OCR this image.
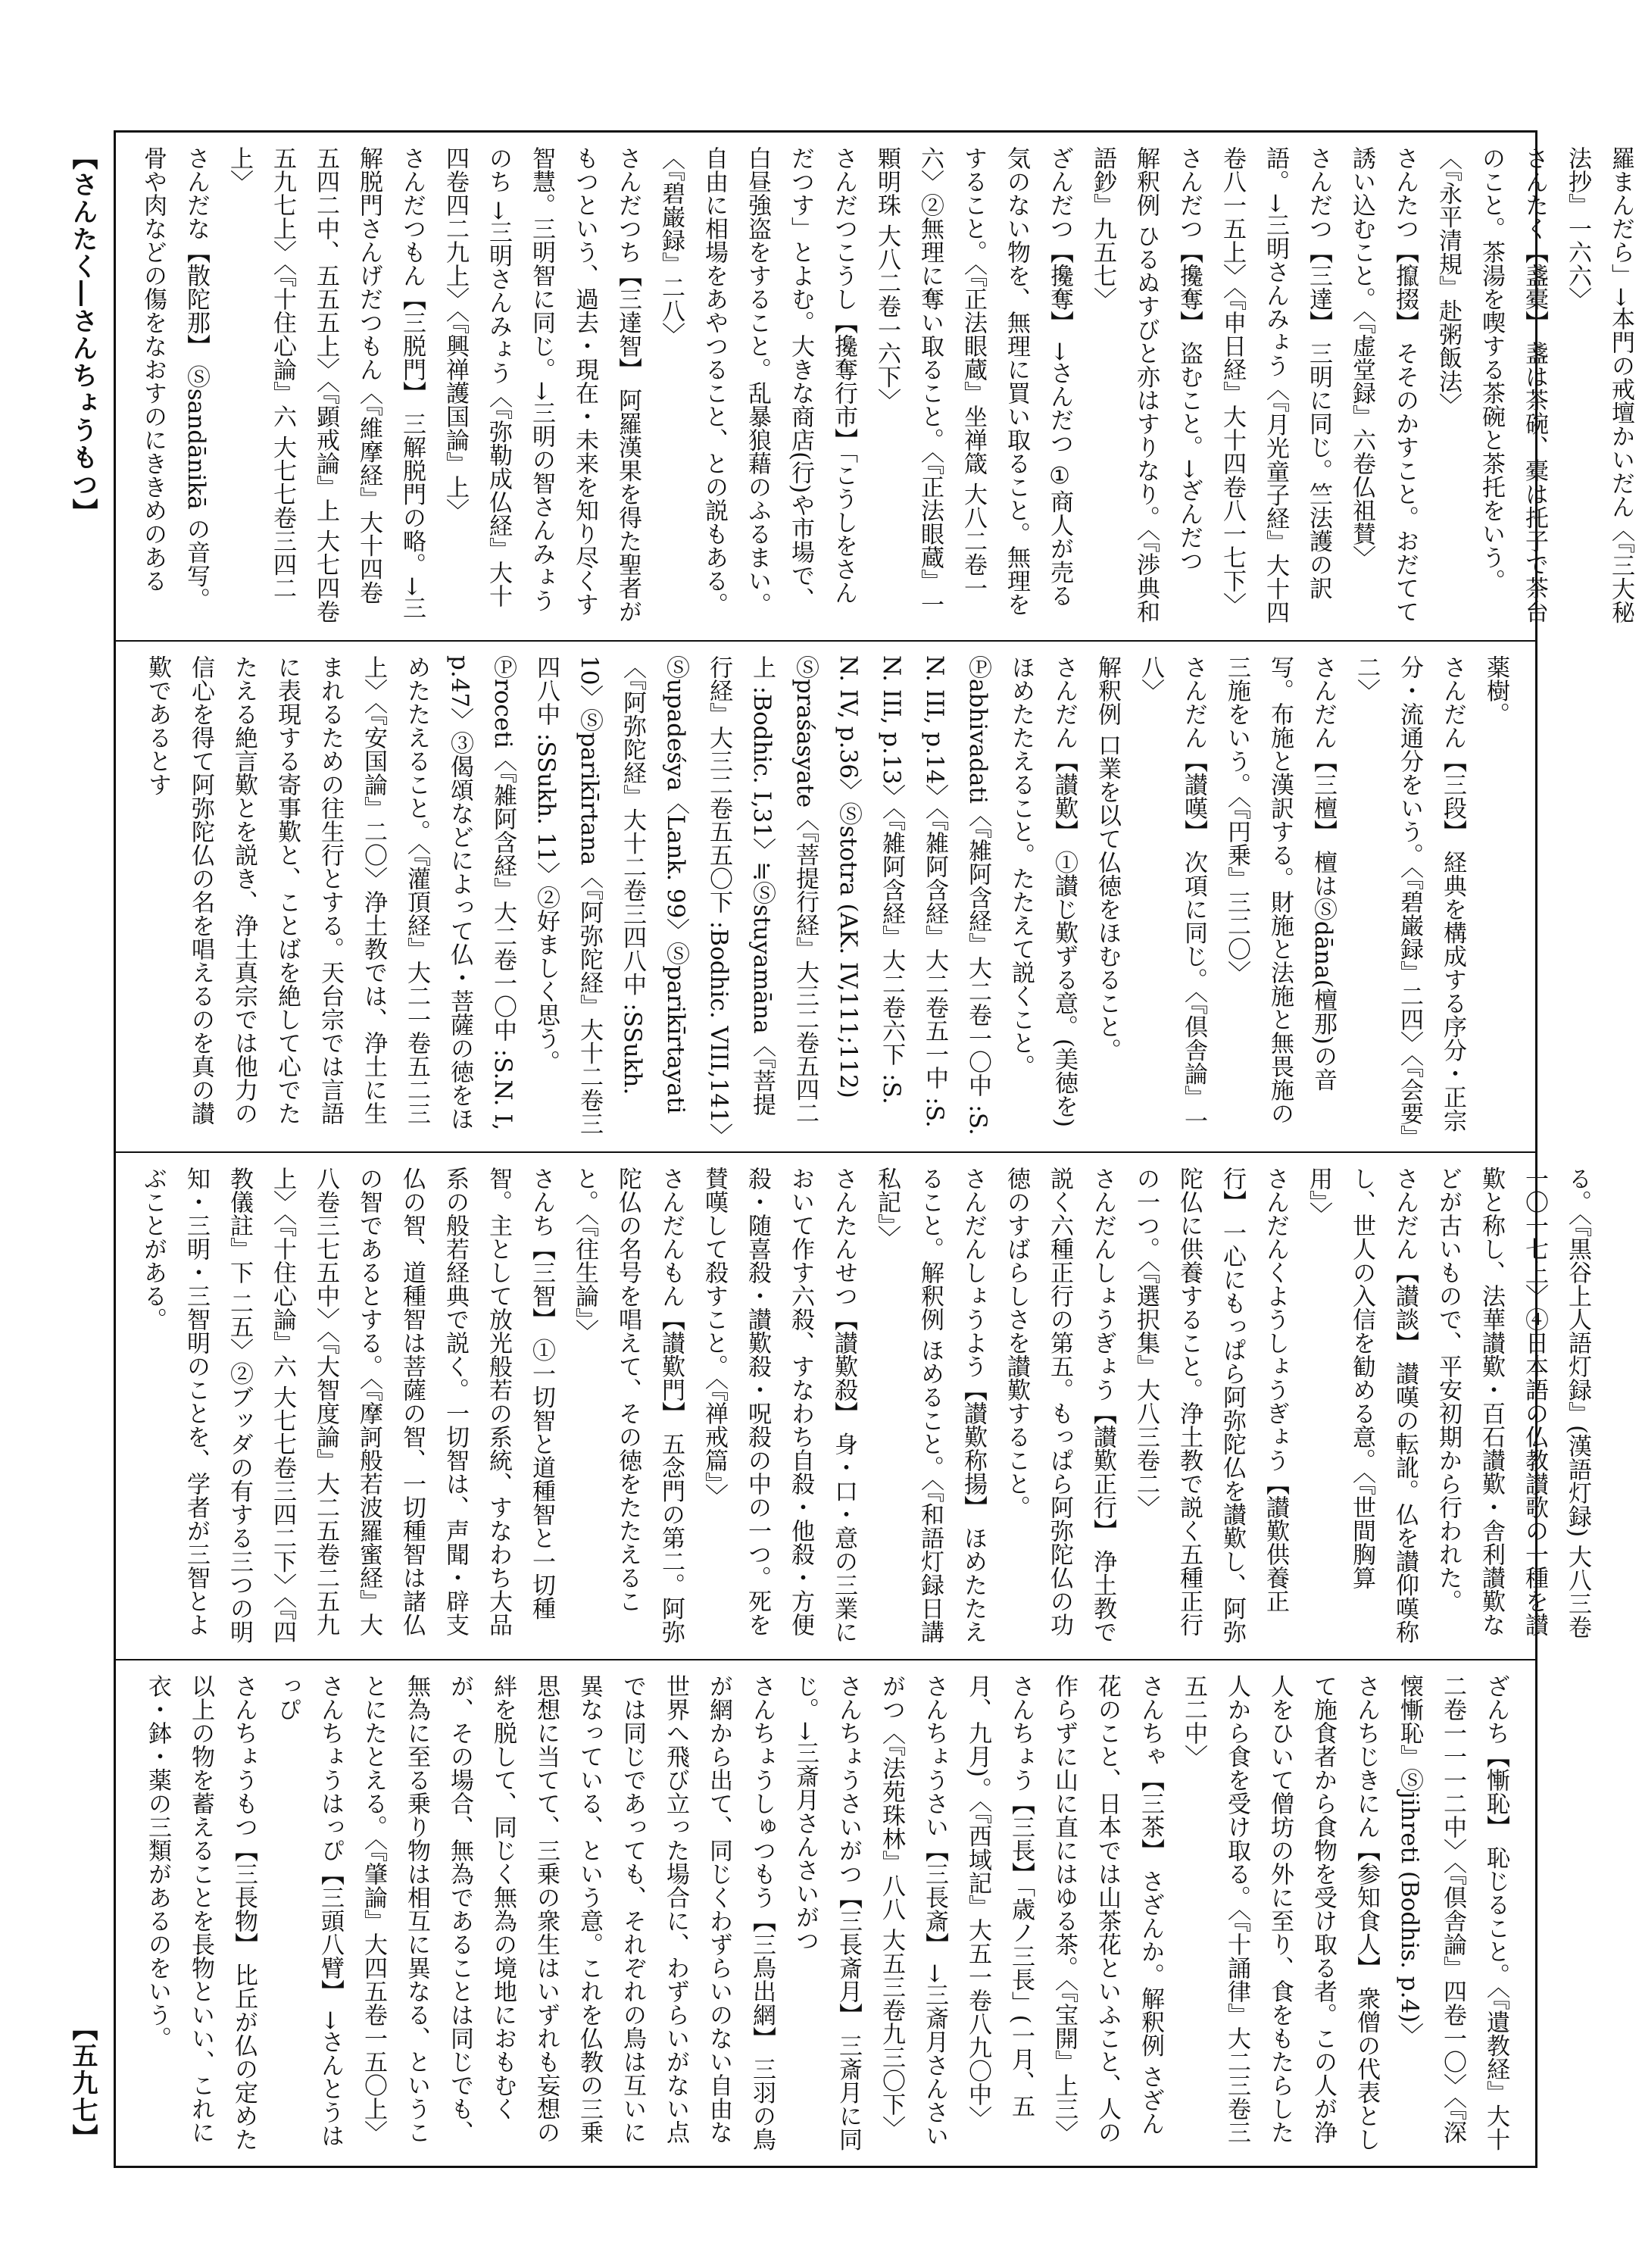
【さんたく―さんちょうもつ】
【五九七】
羅まんだら」→本門の戒壇かいだん〈『三大秘法抄』一六六〉
さんたく【盞橐】 盞は茶碗、橐は托子で茶台のこと。茶湯を喫する茶碗と茶托をいう。〈『永平清規』赴粥飯法〉
さんたつ【攛掇】 そそのかすこと。おだてて誘い込むこと。〈『虚堂録』六卷仏祖賛〉
さんだつ【三達】 三明に同じ。竺法護の訳語。→三明さんみょう〈『月光童子経』大十四卷八一五上〉〈『申日経』大十四卷八一七下〉
さんだつ【攙奪】 盗むこと。→ざんだつ
解釈例 ひるぬすびと亦はすりなり。〈『渉典和語鈔』九五七〉
ざんだつ【攙奪】 →さんだつ ①商人が売る気のない物を、無理に買い取ること。無理をすること。〈『正法眼蔵』坐禅箴 大八二卷一六〉②無理に奪い取ること。〈『正法眼蔵』一顆明珠 大八二卷一六下〉
さんだつこうし【攙奪行市】「こうしをさんだつす」とよむ。大きな商店(行)や市場で、白昼強盗をすること。乱暴狼藉のふるまい。自由に相場をあやつること、との説もある。〈『碧巌録』二八〉
さんだつち【三達智】 阿羅漢果を得た聖者がもつという、過去・現在・未来を知り尽くす智慧。三明智に同じ。→三明の智さんみょうのち →三明さんみょう〈『弥勒成仏経』大十四卷四二九上〉〈『興禅護国論』上〉
さんだつもん【三脱門】 三解脱門の略。→三解脱門さんげだつもん〈『維摩経』大十四卷五四二中、五五五上〉〈『顕戒論』上 大七四卷五九七上〉〈『十住心論』六 大七七卷三四二上〉
さんだな【散陀那】 Ⓢsandānikā の音写。骨や肉などの傷をなおすのにききめのある
薬樹。
さんだん【三段】 経典を構成する序分・正宗分・流通分をいう。〈『碧巌録』二四〉〈『会要』二〉
さんだん【三檀】 檀はⓈdāna(檀那)の音写。布施と漢訳する。財施と法施と無畏施の三施をいう。〈『円乗』三二〇〉
さんだん【讃嘆】 次項に同じ。〈『倶舎論』一八〉
解釈例 口業を以て仏徳をほむること。
さんだん【讃歎】 ①讃じ歎ずる意。(美徳を)ほめたたえること。たたえて説くこと。Ⓟabhivadati〈『雑阿含経』大二卷一〇中 :S. N. III, p.14〉〈『雑阿含経』大二卷五一中 :S. N. III, p.13〉〈『雑阿含経』大二卷六下 :S. N. IV, p.36〉Ⓢstotra (AK. IV,111;112) Ⓢpraśasyate〈『菩提行経』大三二卷五四二上 :Bodhic. I,31〉≒Ⓢstuyamāna〈『菩提行経』大三二卷五五〇下 :Bodhic. VIII,141〉Ⓢupadeśya〈Lank. 99〉Ⓢparikīrtayati〈『阿弥陀経』大十二卷三四八中 :SSukh. 10〉Ⓢparikīrtana〈『阿弥陀経』大十二卷三四八中 :SSukh. 11〉②好ましく思う。Ⓟroceti〈『雑阿含経』大二卷一〇中 :S.N. I, p.47〉③偈頌などによって仏・菩薩の徳をほめたたえること。〈『灌頂経』大二一卷五二三上〉〈『安国論』二〇〉浄土教では、浄土に生まれるための往生行とする。天台宗では言語に表現する寄事歎と、ことばを絶して心でたたえる絶言歎とを説き、浄土真宗では他力の信心を得て阿弥陀仏の名を唱えるのを真の讃歎であるとす
る。〈『黒谷上人語灯録』(漢語灯録) 大八三卷一〇一七上〉④日本語の仏教讃歌の一種を讃歎と称し、法華讃歎・百石讃歎・舎利讃歎などが古いもので、平安初期から行われた。
さんだん【讃談】 讃嘆の転訛。仏を讃仰嘆称し、世人の入信を勧める意。〈『世間胸算用』〉
さんだんくようしょうぎょう【讃歎供養正行】 一心にもっぱら阿弥陀仏を讃歎し、阿弥陀仏に供養すること。浄土教で説く五種正行の一つ。〈『選択集』大八三卷二〉
さんだんしょうぎょう【讃歎正行】 浄土教で説く六種正行の第五。もっぱら阿弥陀仏の功徳のすばらしさを讃歎すること。
さんだんしょうよう【讃歎称揚】 ほめたたえること。解釈例 ほめること。〈『和語灯録日講私記』〉
さんたんせつ【讃歎殺】 身・口・意の三業において作す六殺、すなわち自殺・他殺・方便殺・随喜殺・讃歎殺・呪殺の中の一つ。死を賛嘆して殺すこと。〈『禅戒篇』〉
さんだんもん【讃歎門】 五念門の第二。阿弥陀仏の名号を唱えて、その徳をたたえること。〈『往生論』〉
さんち【三智】 ①一切智と道種智と一切種智。主として放光般若の系統、すなわち大品系の般若経典で説く。一切智は、声聞・辟支仏の智、道種智は菩薩の智、一切種智は諸仏の智であるとする。〈『摩訶般若波羅蜜経』大八卷三七五中〉〈『大智度論』大二五卷二五九上〉〈『十住心論』六 大七七卷三四二下〉〈『四教儀註』下 二五〉②ブッダの有する三つの明知・三明・三智明のことを、学者が三智とよぶことがある。
ざんち【慚恥】 恥じること。〈『遺教経』大十二卷一一一二中〉〈『倶舎論』四卷一〇〉〈『深懐慚恥』Ⓢjihreti (Bodhis. p.4)〉
さんちじきにん【参知食人】 衆僧の代表として施食者から食物を受け取る者。この人が浄人をひいて僧坊の外に至り、食をもたらした人から食を受け取る。〈『十誦律』大二三卷三五二中〉
さんちゃ【三茶】 さざんか。解釈例 さざん花のこと、日本では山茶花といふこと、人の作らずに山に直にはゆる茶。〈『宝開』上三〉
さんちょう【三長】「歳ノ三長」(一月、五月、九月)。〈『西域記』大五一卷八九〇中〉
さんちょうさい【三長斎】 →三斎月さんさいがつ〈『法苑珠林』八八 大五三卷九三〇下〉
さんちょうさいがつ【三長斎月】 三斎月に同じ。→三斎月さんさいがつ
さんちょうしゅつもう【三鳥出網】 三羽の鳥が網から出て、同じくわずらいのない自由な世界へ飛び立った場合に、わずらいがない点では同じであっても、それぞれの鳥は互いに異なっている、という意。これを仏教の三乗思想に当てて、三乗の衆生はいずれも妄想の絆を脱して、同じく無為の境地におもむくが、その場合、無為であることは同じでも、無為に至る乗り物は相互に異なる、ということにたとえる。〈『肇論』大四五卷一五〇上〉
さんちょうはっぴ【三頭八臂】 →さんとうはっぴ
さんちょうもつ【三長物】 比丘が仏の定めた以上の物を蓄えることを長物といい、これに衣・鉢・薬の三類があるのをいう。
